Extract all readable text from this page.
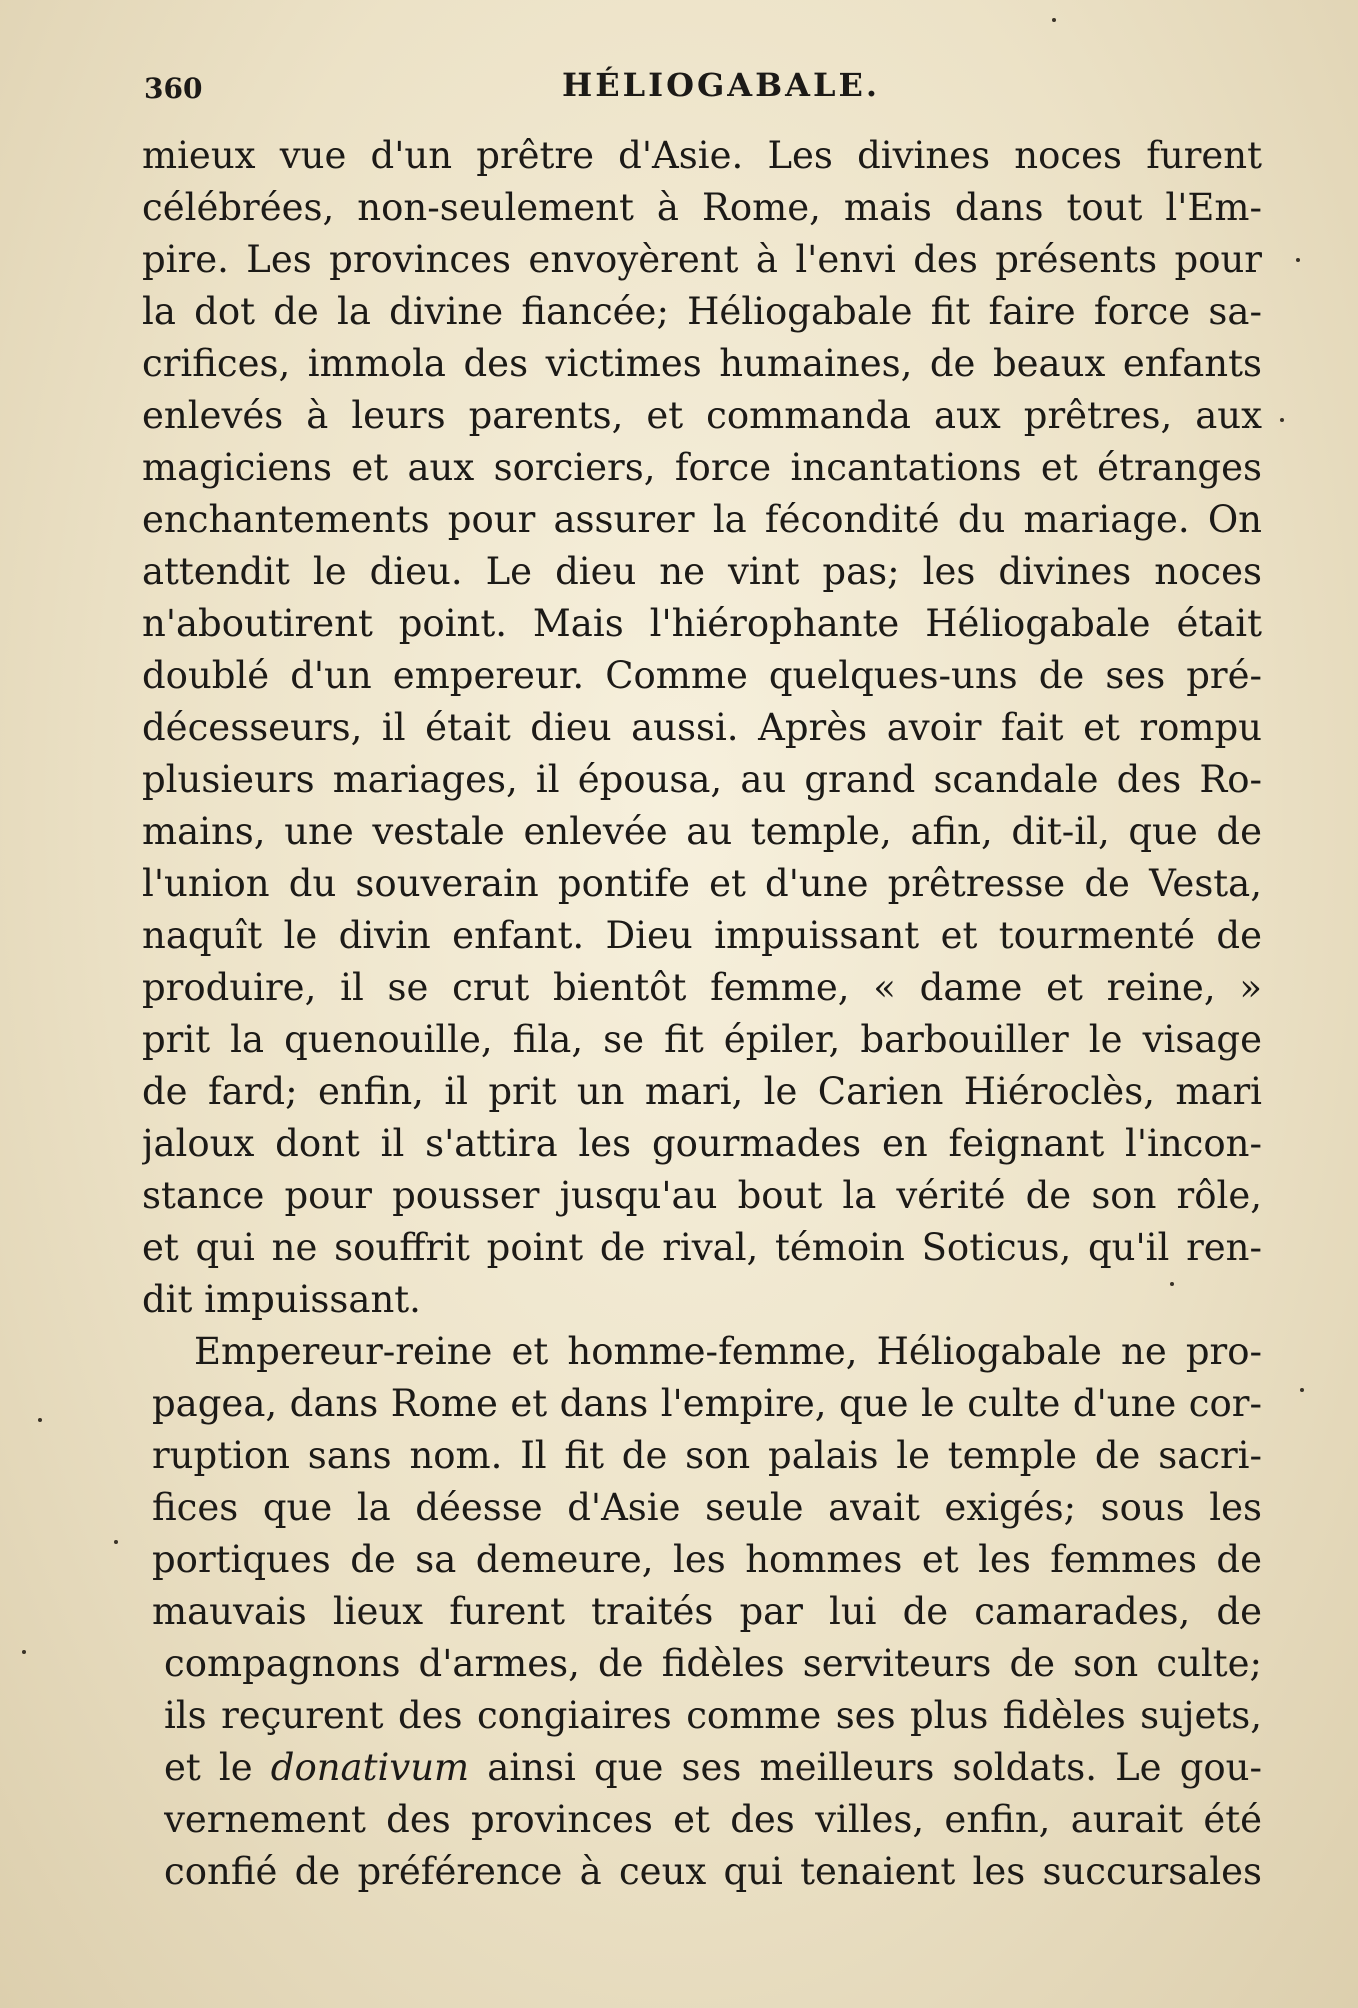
360	HÉLIOGABALE.
mieux vue d'un prêtre d'Asie. Les divines noces furent
célébrées, non-seulement à Rome, mais dans tout l'Em-
pire. Les provinces envoyèrent à l'envi des présents pour
la dot de la divine fiancée; Héliogabale fit faire force sa-
crifices, immola des victimes humaines, de beaux enfants
enlevés à leurs parents, et commanda aux prêtres, aux
magiciens et aux sorciers, force incantations et étranges
enchantements pour assurer la fécondité du mariage. On
attendit le dieu. Le dieu ne vint pas; les divines noces
n'aboutirent point. Mais l'hiérophante Héliogabale était
doublé d'un empereur. Comme quelques-uns de ses pré-
décesseurs, il était dieu aussi. Après avoir fait et rompu
plusieurs mariages, il épousa, au grand scandale des Ro-
mains, une vestale enlevée au temple, afin, dit-il, que de
l'union du souverain pontife et d'une prêtresse de Vesta,
naquît le divin enfant. Dieu impuissant et tourmenté de
produire, il se crut bientôt femme, « dame et reine, »
prit la quenouille, fila, se fit épiler, barbouiller le visage
de fard; enfin, il prit un mari, le Carien Hiéroclès, mari
jaloux dont il s'attira les gourmades en feignant l'incon-
stance pour pousser jusqu'au bout la vérité de son rôle,
et qui ne souffrit point de rival, témoin Soticus, qu'il ren-
dit impuissant.
Empereur-reine et homme-femme, Héliogabale ne pro-
pagea, dans Rome et dans l'empire, que le culte d'une cor-
ruption sans nom. Il fit de son palais le temple de sacri-
fices que la déesse d'Asie seule avait exigés; sous les
portiques de sa demeure, les hommes et les femmes de
mauvais lieux furent traités par lui de camarades, de
compagnons d'armes, de fidèles serviteurs de son culte;
ils reçurent des congiaires comme ses plus fidèles sujets,
et le donativum ainsi que ses meilleurs soldats. Le gou-
vernement des provinces et des villes, enfin, aurait été
confié de préférence à ceux qui tenaient les succursales
